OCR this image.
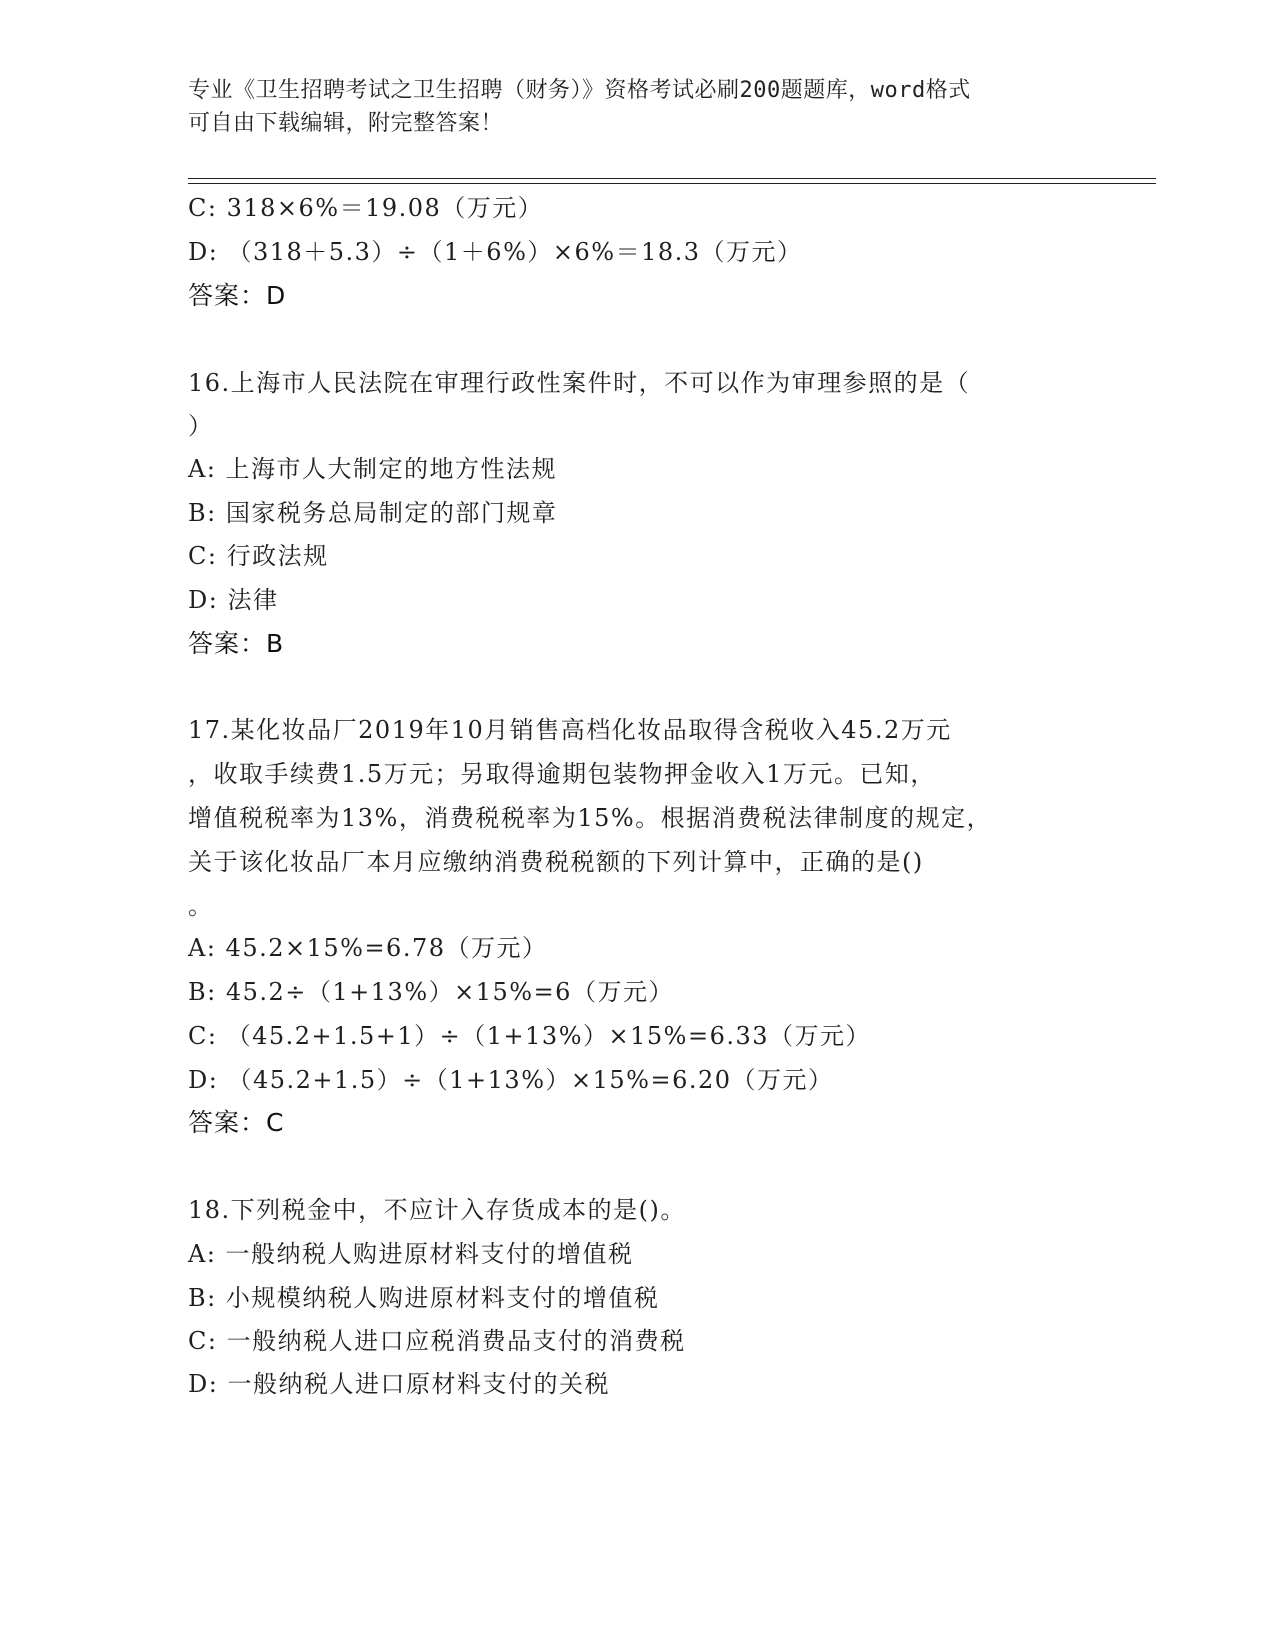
专业《卫生招聘考试之卫生招聘（财务）》资格考试必刷200题题库，word格式
可自由下载编辑，附完整答案！
C: 318×6%＝19.08（万元）
D: （318＋5.3）÷（1＋6%）×6%＝18.3（万元）
答案：D
16.上海市人民法院在审理行政性案件时，不可以作为审理参照的是（
）
A: 上海市人大制定的地方性法规
B: 国家税务总局制定的部门规章
C: 行政法规
D: 法律
答案：B
17.某化妆品厂2019年10月销售高档化妆品取得含税收入45.2万元
，收取手续费1.5万元；另取得逾期包装物押金收入1万元。已知，
增值税税率为13%，消费税税率为15%。根据消费税法律制度的规定，
关于该化妆品厂本月应缴纳消费税税额的下列计算中，正确的是()
。
A: 45.2×15%=6.78（万元）
B: 45.2÷（1+13%）×15%=6（万元）
C: （45.2+1.5+1）÷（1+13%）×15%=6.33（万元）
D: （45.2+1.5）÷（1+13%）×15%=6.20（万元）
答案：C
18.下列税金中，不应计入存货成本的是()。
A: 一般纳税人购进原材料支付的增值税
B: 小规模纳税人购进原材料支付的增值税
C: 一般纳税人进口应税消费品支付的消费税
D: 一般纳税人进口原材料支付的关税
